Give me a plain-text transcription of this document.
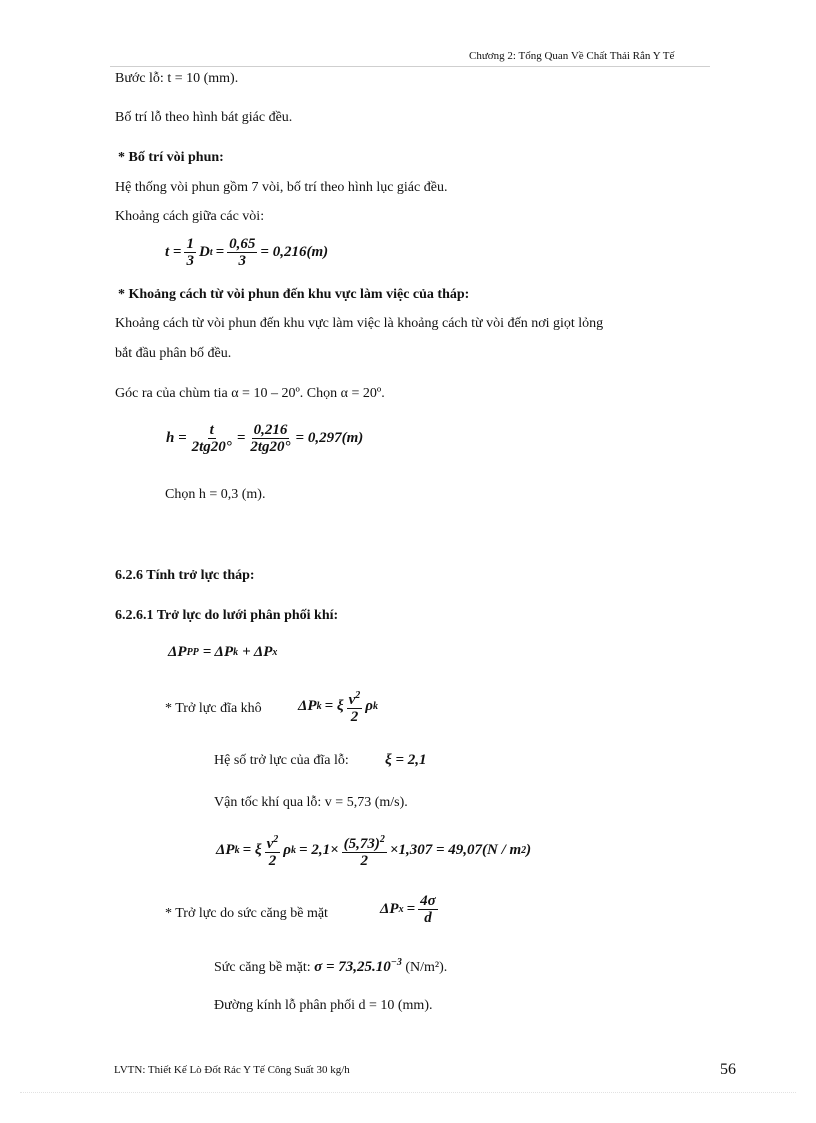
Chương 2: Tổng Quan Về Chất Thải Rắn Y Tế
Bước lỗ: t = 10 (mm).
Bố trí lỗ theo hình bát giác đều.
* Bố trí vòi phun:
Hệ thống vòi phun gồm 7 vòi, bố trí theo hình lục giác đều.
Khoảng cách giữa các vòi:
$t = \frac{1}{3}$ D $t = \frac{0,65}{3} = 0,216(m)$
* Khoảng cách từ vòi phun đến khu vực làm việc của tháp:
Khoảng cách từ vòi phun đến khu vực làm việc là khoảng cách từ vòi đến nơi giọt lỏng
bắt đầu phân bố đều.
Góc ra của chùm tia α = 10 – 20º. Chọn α = 20º.
$h = \frac{t}{2tg20^\circ} = \frac{0,216}{2tg20^\circ} = 0,297(m)$
Chọn h = 0,3 (m).
6.2.6 Tính trở lực tháp:
6.2.6.1 Trở lực do lưới phân phối khí:
ΔP PP = ΔP k + ΔP x
* Trở lực đĩa khô ΔP k = ξ $\frac{v^2}{2}$ ρ k
Hệ số trở lực của đĩa lỗ: ξ = 2,1
Vận tốc khí qua lỗ: v = 5,73 (m/s).
ΔP k = ξ $\frac{v^2}{2}$ ρ $k = 2,1\times \frac{(5,73)^2}{2} \times 1,307 = 49,07(N / m$ 2 )
* Trở lực do sức căng bề mặt	ΔP $x = \frac{4\sigma}{d}$
Sức căng bề mặt: $\sigma = 73,25.10^{-3}$ (N/m²).
Đường kính lỗ phân phối d = 10 (mm).
LVTN: Thiết Kế Lò Đốt Rác Y Tế Công Suất 30 kg/h	56
